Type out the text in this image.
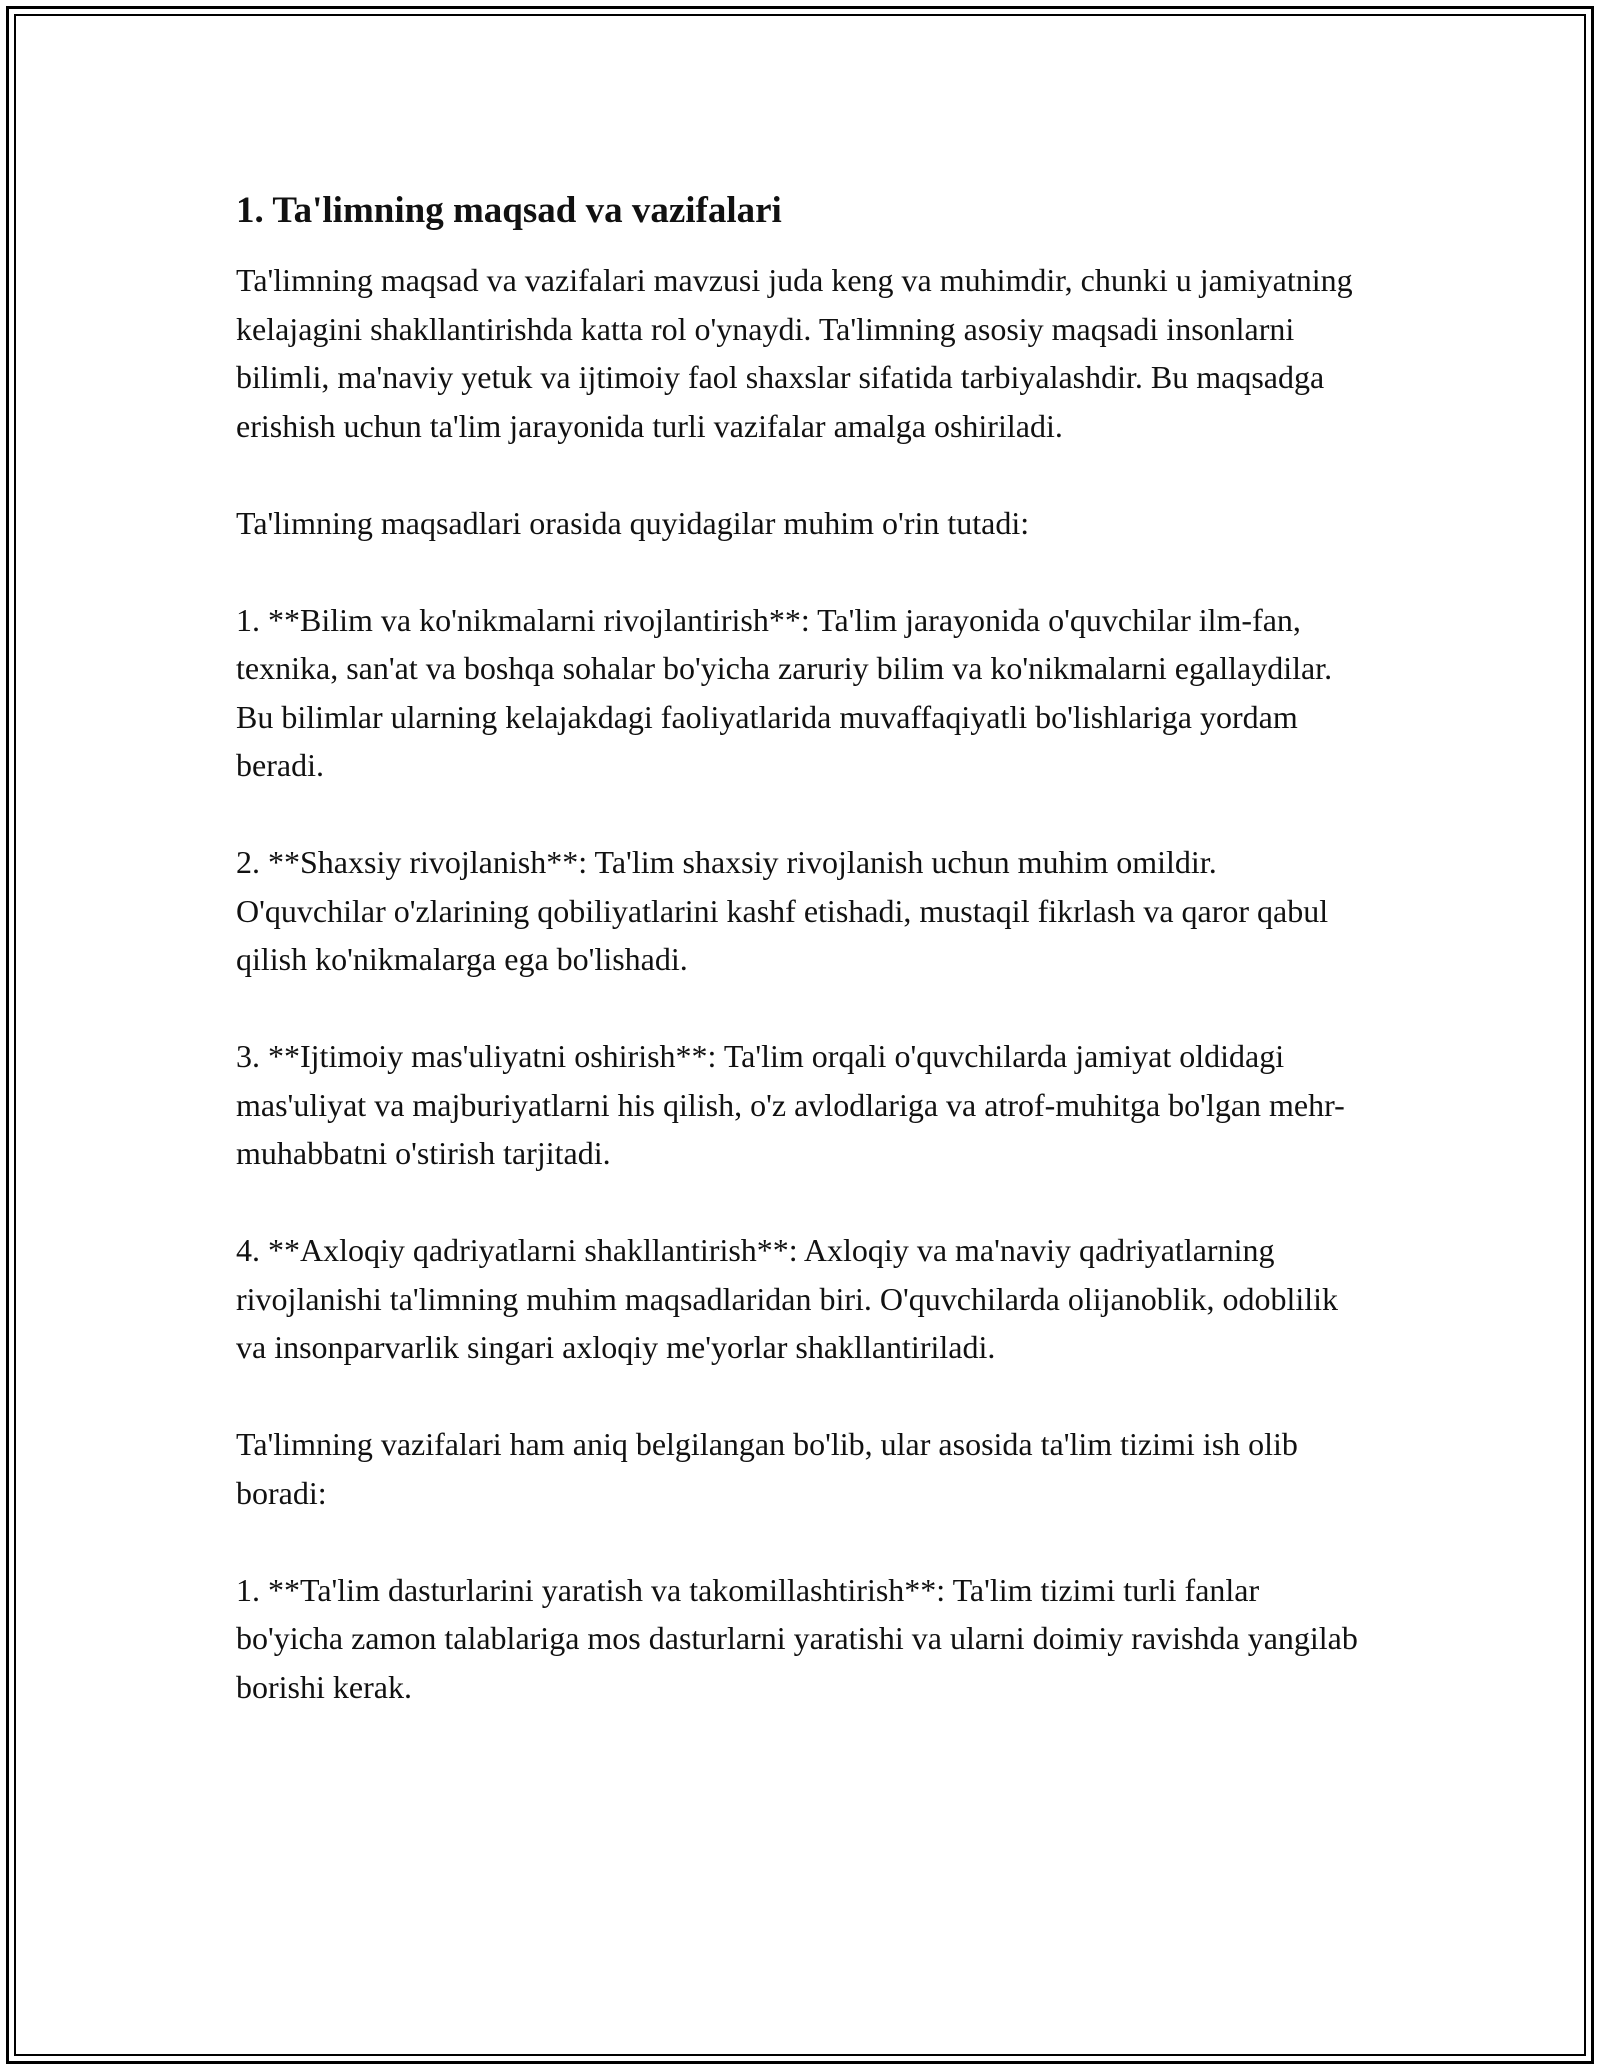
1. Ta'limning maqsad va vazifalari

Ta'limning maqsad va vazifalari mavzusi juda keng va muhimdir, chunki u jamiyatning kelajagini shakllantirishda katta rol o'ynaydi. Ta'limning asosiy maqsadi insonlarni bilimli, ma'naviy yetuk va ijtimoiy faol shaxslar sifatida tarbiyalashdir. Bu maqsadga erishish uchun ta'lim jarayonida turli vazifalar amalga oshiriladi.

Ta'limning maqsadlari orasida quyidagilar muhim o'rin tutadi:

1. **Bilim va ko'nikmalarni rivojlantirish**: Ta'lim jarayonida o'quvchilar ilm-fan, texnika, san'at va boshqa sohalar bo'yicha zaruriy bilim va ko'nikmalarni egallaydilar. Bu bilimlar ularning kelajakdagi faoliyatlarida muvaffaqiyatli bo'lishlariga yordam beradi.

2. **Shaxsiy rivojlanish**: Ta'lim shaxsiy rivojlanish uchun muhim omildir. O'quvchilar o'zlarining qobiliyatlarini kashf etishadi, mustaqil fikrlash va qaror qabul qilish ko'nikmalarga ega bo'lishadi.

3. **Ijtimoiy mas'uliyatni oshirish**: Ta'lim orqali o'quvchilarda jamiyat oldidagi mas'uliyat va majburiyatlarni his qilish, o'z avlodlariga va atrof-muhitga bo'lgan mehr-muhabbatni o'stirish tarjitadi.

4. **Axloqiy qadriyatlarni shakllantirish**: Axloqiy va ma'naviy qadriyatlarning rivojlanishi ta'limning muhim maqsadlaridan biri. O'quvchilarda olijanoblik, odoblilik va insonparvarlik singari axloqiy me'yorlar shakllantiriladi.

Ta'limning vazifalari ham aniq belgilangan bo'lib, ular asosida ta'lim tizimi ish olib boradi:

1. **Ta'lim dasturlarini yaratish va takomillashtirish**: Ta'lim tizimi turli fanlar bo'yicha zamon talablariga mos dasturlarni yaratishi va ularni doimiy ravishda yangilab borishi kerak.
